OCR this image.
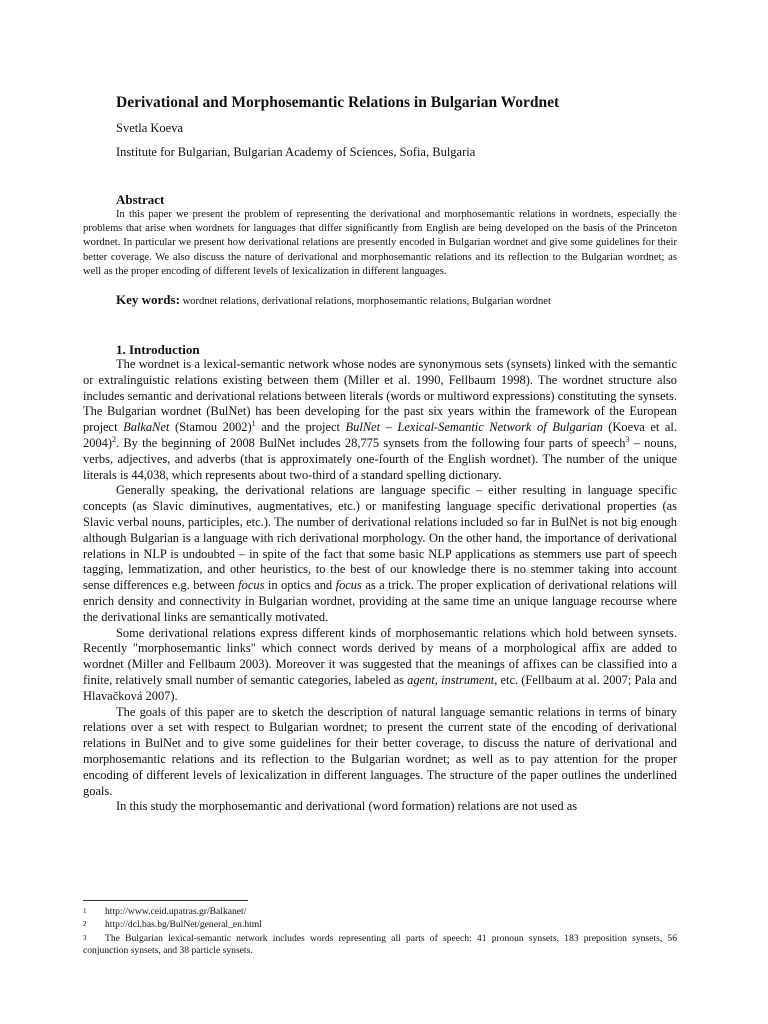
Derivational and Morphosemantic Relations in Bulgarian Wordnet
Svetla Koeva
Institute for Bulgarian, Bulgarian Academy of Sciences, Sofia, Bulgaria
Abstract

In this paper we present the problem of representing the derivational and morphosemantic relations in wordnets, especially the problems that arise when wordnets for languages that differ significantly from English are being developed on the basis of the Princeton wordnet. In particular we present how derivational relations are presently encoded in Bulgarian wordnet and give some guidelines for their better coverage. We also discuss the nature of derivational and morphosemantic relations and its reflection to the Bulgarian wordnet; as well as the proper encoding of different levels of lexicalization in different languages.

Key words: wordnet relations, derivational relations, morphosemantic relations, Bulgarian wordnet
1. Introduction

The wordnet is a lexical-semantic network whose nodes are synonymous sets (synsets) linked with the semantic or extralinguistic relations existing between them (Miller et al. 1990, Fellbaum 1998). The wordnet structure also includes semantic and derivational relations between literals (words or multiword expressions) constituting the synsets. The Bulgarian wordnet (BulNet) has been developing for the past six years within the framework of the European project BalkaNet (Stamou 2002)$^1$ and the project BulNet – Lexical-Semantic Network of Bulgarian (Koeva et al. 2004)$^2$. By the beginning of 2008 BulNet includes 28,775 synsets from the following four parts of speech$^3$ – nouns, verbs, adjectives, and adverbs (that is approximately one-fourth of the English wordnet). The number of the unique literals is 44,038, which represents about two-third of a standard spelling dictionary.

Generally speaking, the derivational relations are language specific – either resulting in language specific concepts (as Slavic diminutives, augmentatives, etc.) or manifesting language specific derivational properties (as Slavic verbal nouns, participles, etc.). The number of derivational relations included so far in BulNet is not big enough although Bulgarian is a language with rich derivational morphology. On the other hand, the importance of derivational relations in NLP is undoubted – in spite of the fact that some basic NLP applications as stemmers use part of speech tagging, lemmatization, and other heuristics, to the best of our knowledge there is no stemmer taking into account sense differences e.g. between focus in optics and focus as a trick. The proper explication of derivational relations will enrich density and connectivity in Bulgarian wordnet, providing at the same time an unique language recourse where the derivational links are semantically motivated.

Some derivational relations express different kinds of morphosemantic relations which hold between synsets. Recently "morphosemantic links" which connect words derived by means of a morphological affix are added to wordnet (Miller and Fellbaum 2003). Moreover it was suggested that the meanings of affixes can be classified into a finite, relatively small number of semantic categories, labeled as agent, instrument, etc. (Fellbaum at al. 2007; Pala and Hlavačková 2007).

The goals of this paper are to sketch the description of natural language semantic relations in terms of binary relations over a set with respect to Bulgarian wordnet; to present the current state of the encoding of derivational relations in BulNet and to give some guidelines for their better coverage, to discuss the nature of derivational and morphosemantic relations and its reflection to the Bulgarian wordnet; as well as to pay attention for the proper encoding of different levels of lexicalization in different languages. The structure of the paper outlines the underlined goals.

In this study the morphosemantic and derivational (word formation) relations are not used as

1 http://www.ceid.upatras.gr/Balkanet/

2 http://dcl.bas.bg/BulNet/general_en.html

3 The Bulgarian lexical-semantic network includes words representing all parts of speech: 41 pronoun synsets, 183 preposition synsets, 56 conjunction synsets, and 38 particle synsets.
